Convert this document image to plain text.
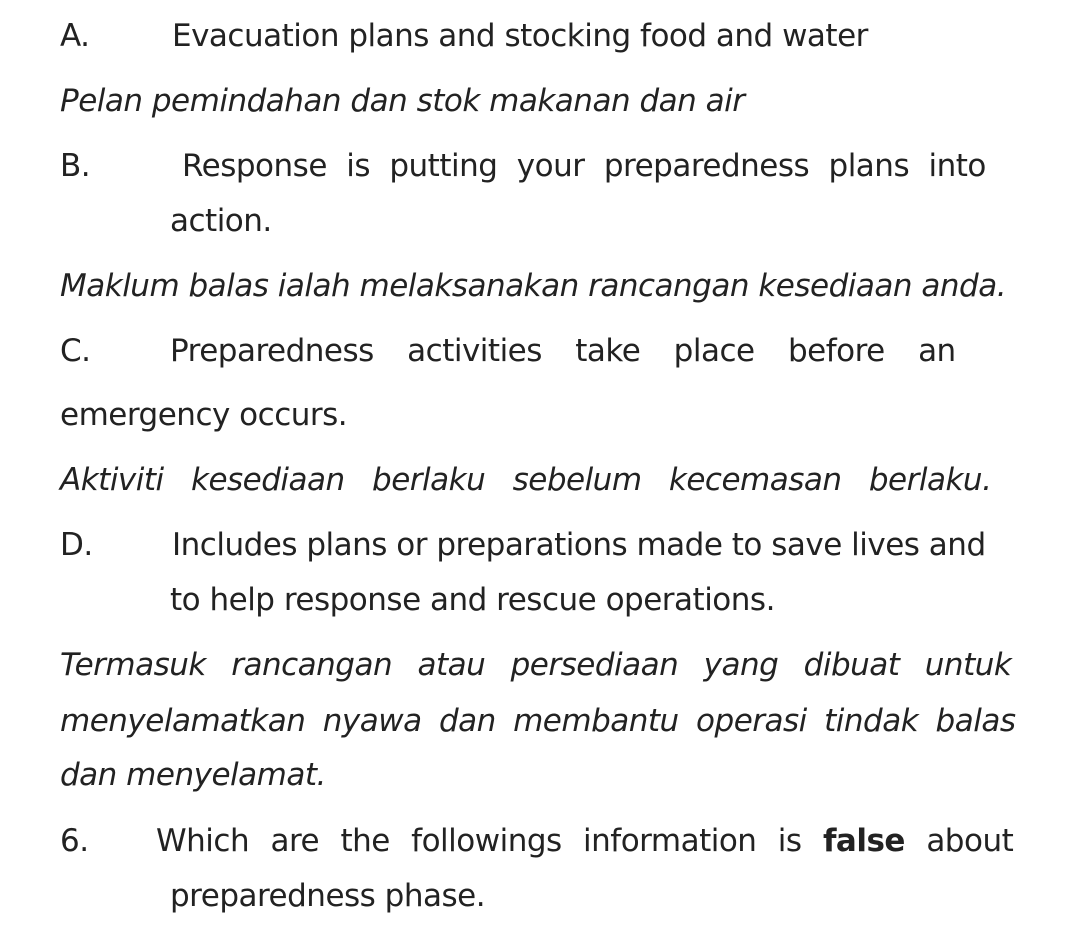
A.	Evacuation plans and stocking food and water
Pelan pemindahan dan stok makanan dan air
B.	Response is putting your preparedness plans into
action.
Maklum balas ialah melaksanakan rancangan kesediaan anda.
C.	Preparedness activities take place before an
emergency occurs.
Aktiviti kesediaan berlaku sebelum kecemasan berlaku.
D.	Includes plans or preparations made to save lives and
to help response and rescue operations.
Termasuk rancangan atau persediaan yang dibuat untuk
menyelamatkan nyawa dan membantu operasi tindak balas
dan menyelamat.
6. Which are the followings information is false about
preparedness phase.
